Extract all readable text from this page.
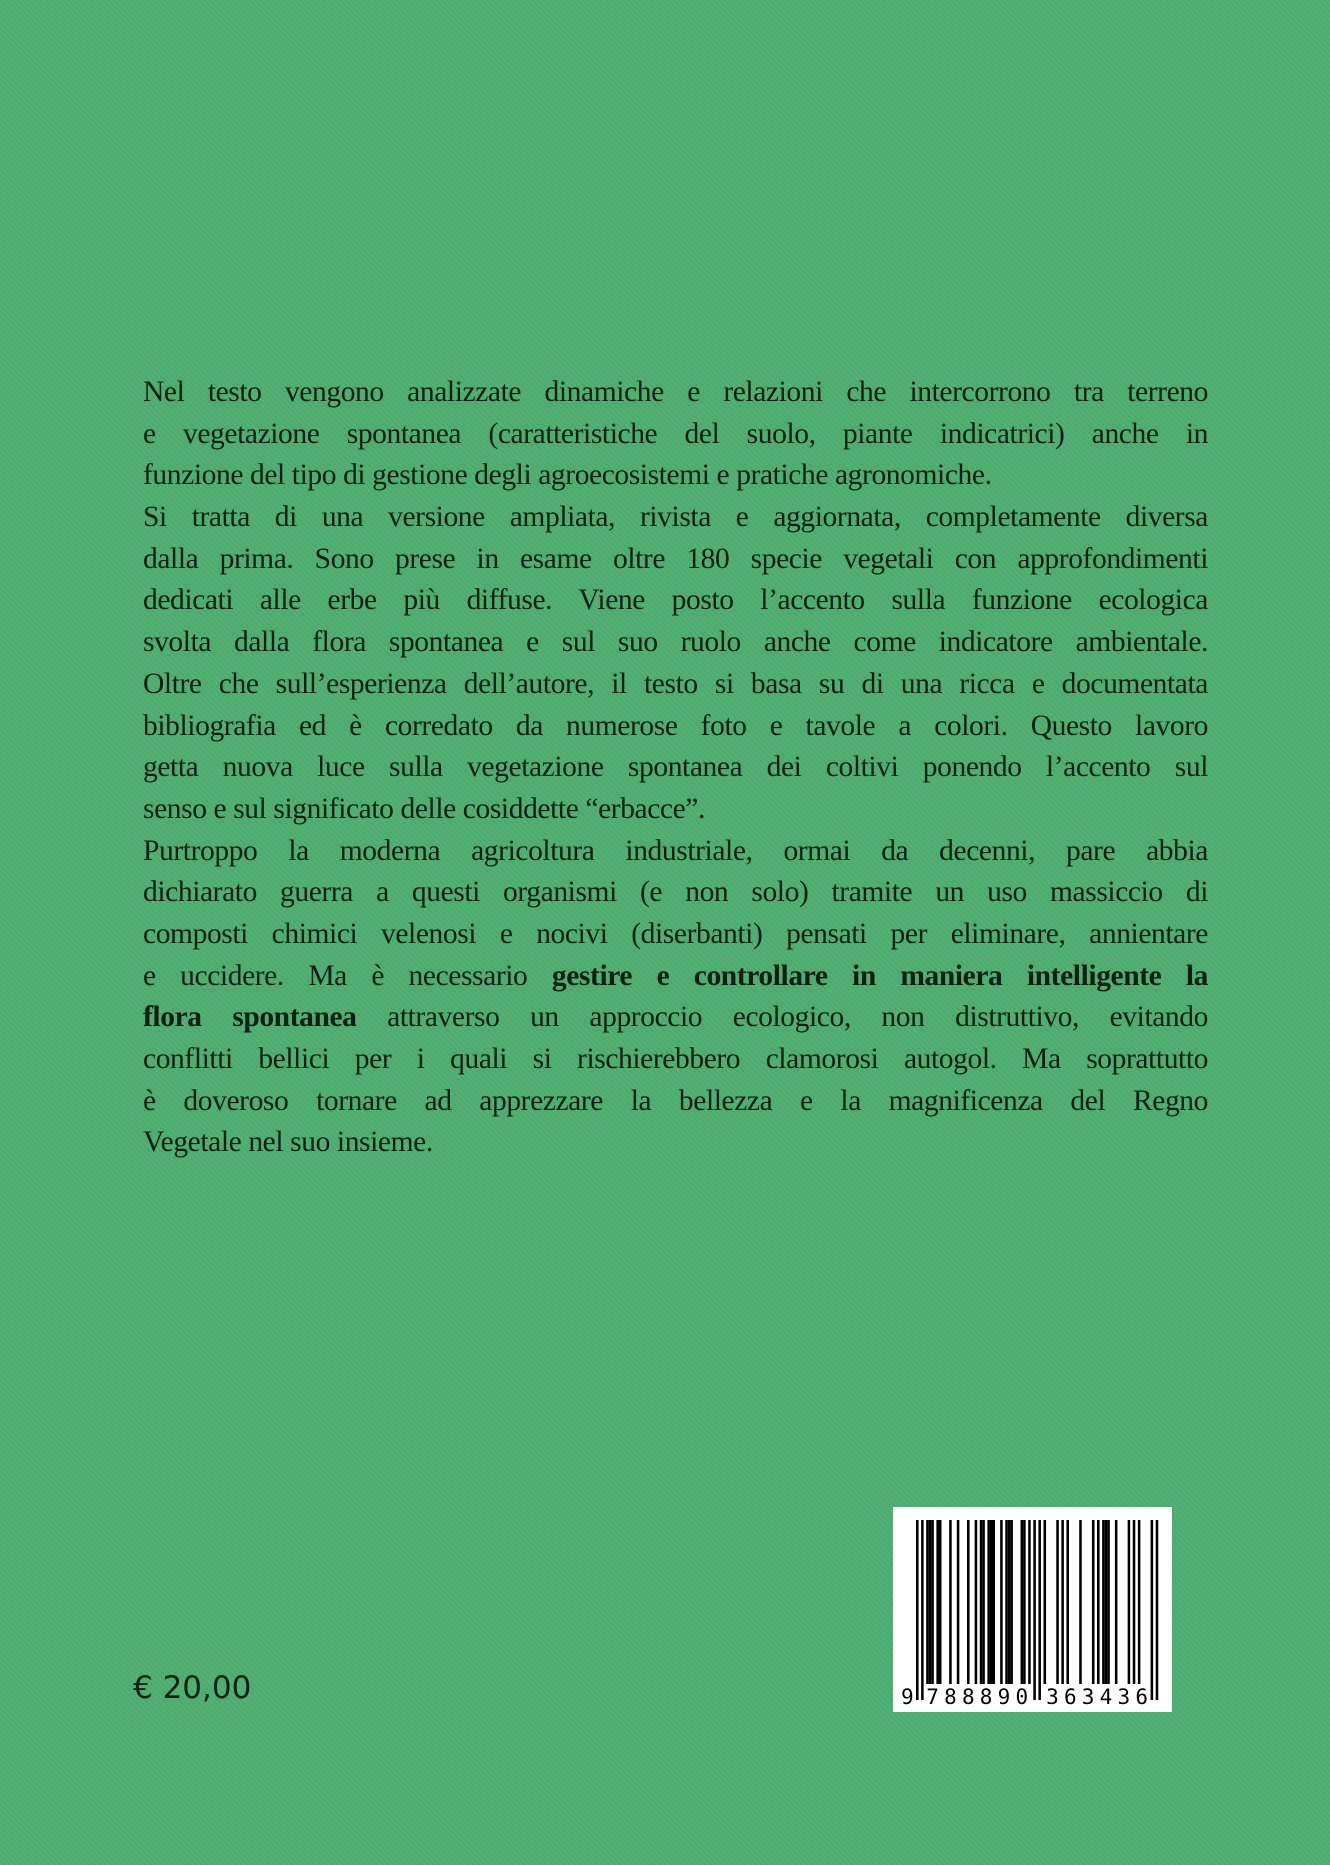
Nel testo vengono analizzate dinamiche e relazioni che intercorrono tra terreno
e vegetazione spontanea (caratteristiche del suolo, piante indicatrici) anche in
funzione del tipo di gestione degli agroecosistemi e pratiche agronomiche.
Si tratta di una versione ampliata, rivista e aggiornata, completamente diversa
dalla prima. Sono prese in esame oltre 180 specie vegetali con approfondimenti
dedicati alle erbe più diffuse. Viene posto l’accento sulla funzione ecologica
svolta dalla flora spontanea e sul suo ruolo anche come indicatore ambientale.
Oltre che sull’esperienza dell’autore, il testo si basa su di una ricca e documentata
bibliografia ed è corredato da numerose foto e tavole a colori. Questo lavoro
getta nuova luce sulla vegetazione spontanea dei coltivi ponendo l’accento sul
senso e sul significato delle cosiddette “erbacce”.
Purtroppo la moderna agricoltura industriale, ormai da decenni, pare abbia
dichiarato guerra a questi organismi (e non solo) tramite un uso massiccio di
composti chimici velenosi e nocivi (diserbanti) pensati per eliminare, annientare
e uccidere. Ma è necessario gestire e controllare in maniera intelligente la
flora spontanea attraverso un approccio ecologico, non distruttivo, evitando
conflitti bellici per i quali si rischierebbero clamorosi autogol. Ma soprattutto
è doveroso tornare ad apprezzare la bellezza e la magnificenza del Regno
Vegetale nel suo insieme.
€ 20,00	9 7 8 8 8 9 0 3 6 3 4 3 6
